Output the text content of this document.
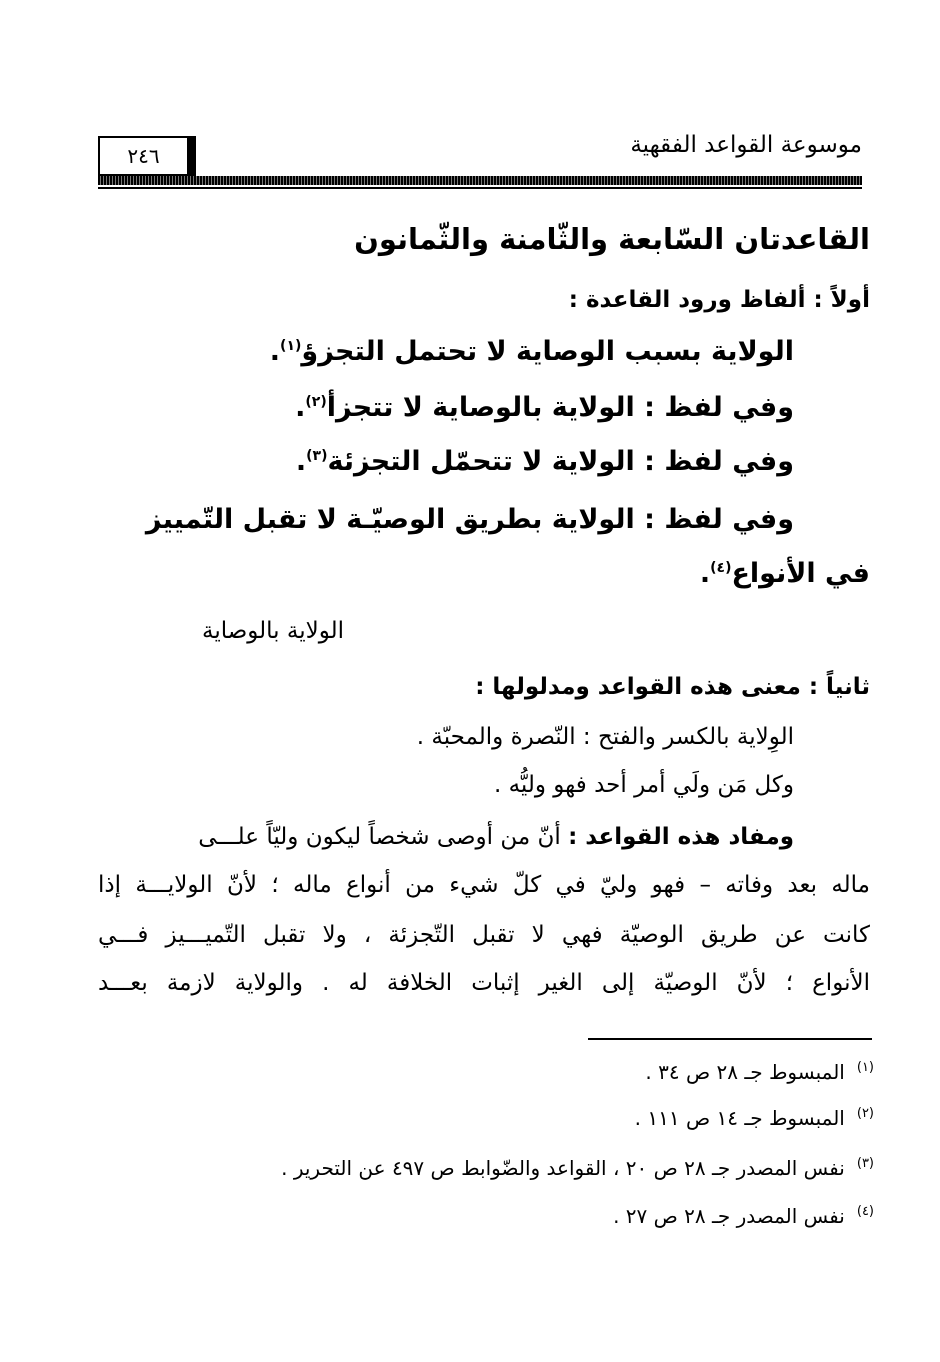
٢٤٦	موسوعة القواعد الفقهية
القاعدتان السّابعة والثّامنة والثّمانون
أولاً : ألفاظ ورود القاعدة :
الولاية بسبب الوصاية لا تحتمل التجزؤ$^{(١)}$.
وفي لفظ : الولاية بالوصاية لا تتجزأ$^{(٢)}$.
وفي لفظ : الولاية لا تتحمّل التجزئة$^{(٣)}$.
وفي لفظ : الولاية بطريق الوصيّـة لا تقبل التّمييز
في الأنواع$^{(٤)}$.
الولاية بالوصاية
ثانياً : معنى هذه القواعد ومدلولها :
الوِلاية بالكسر والفتح : النّصرة والمحبّة .
وكل مَن ولَي أمر أحد فهو وليُّه .
ومفاد هذه القواعد : أنّ من أوصى شخصاً ليكون وليّاً علـــى
ماله بعد وفاته – فهو وليّ في كلّ شيء من أنواع ماله ؛ لأنّ الولايـــة إذا
كانت عن طريق الوصيّة فهي لا تقبل التّجزئة ، ولا تقبل التّميـــيز فـــي
الأنواع ؛ لأنّ الوصيّة إلى الغير إثبات الخلافة له . والولاية لازمة بعـــد
$^{(١)}$المبسوط جـ ٢٨ ص ٣٤ .
$^{(٢)}$المبسوط جـ ١٤ ص ١١١ .
$^{(٣)}$نفس المصدر جـ ٢٨ ص ٢٠ ، القواعد والضّوابط ص ٤٩٧ عن التحرير .
$^{(٤)}$نفس المصدر جـ ٢٨ ص ٢٧ .
